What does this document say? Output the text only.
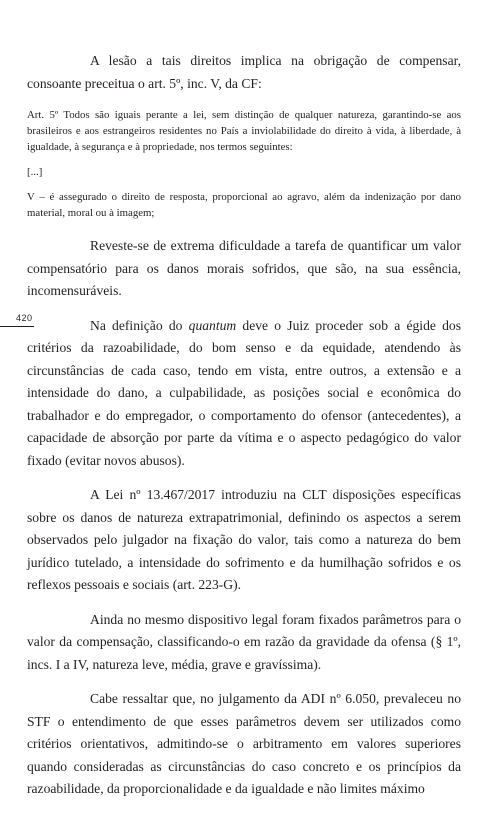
420

A lesão a tais direitos implica na obrigação de compensar, consoante preceitua o art. 5º, inc. V, da CF:

Art. 5º Todos são iguais perante a lei, sem distinção de qualquer natureza, garantindo-se aos brasileiros e aos estrangeiros residentes no País a inviolabilidade do direito à vida, à liberdade, à igualdade, à segurança e à propriedade, nos termos seguintes:

[...]

V – é assegurado o direito de resposta, proporcional ao agravo, além da indenização por dano material, moral ou à imagem;

Reveste-se de extrema dificuldade a tarefa de quantificar um valor compensatório para os danos morais sofridos, que são, na sua essência, incomensuráveis.

Na definição do quantum deve o Juiz proceder sob a égide dos critérios da razoabilidade, do bom senso e da equidade, atendendo às circunstâncias de cada caso, tendo em vista, entre outros, a extensão e a intensidade do dano, a culpabilidade, as posições social e econômica do trabalhador e do empregador, o comportamento do ofensor (antecedentes), a capacidade de absorção por parte da vítima e o aspecto pedagógico do valor fixado (evitar novos abusos).

A Lei nº 13.467/2017 introduziu na CLT disposições específicas sobre os danos de natureza extrapatrimonial, definindo os aspectos a serem observados pelo julgador na fixação do valor, tais como a natureza do bem jurídico tutelado, a intensidade do sofrimento e da humilhação sofridos e os reflexos pessoais e sociais (art. 223-G).

Ainda no mesmo dispositivo legal foram fixados parâmetros para o valor da compensação, classificando-o em razão da gravidade da ofensa (§ 1º, incs. I a IV, natureza leve, média, grave e gravíssima).

Cabe ressaltar que, no julgamento da ADI nº 6.050, prevaleceu no STF o entendimento de que esses parâmetros devem ser utilizados como critérios orientativos, admitindo-se o arbitramento em valores superiores quando consideradas as circunstâncias do caso concreto e os princípios da razoabilidade, da proporcionalidade e da igualdade e não limites máximo
